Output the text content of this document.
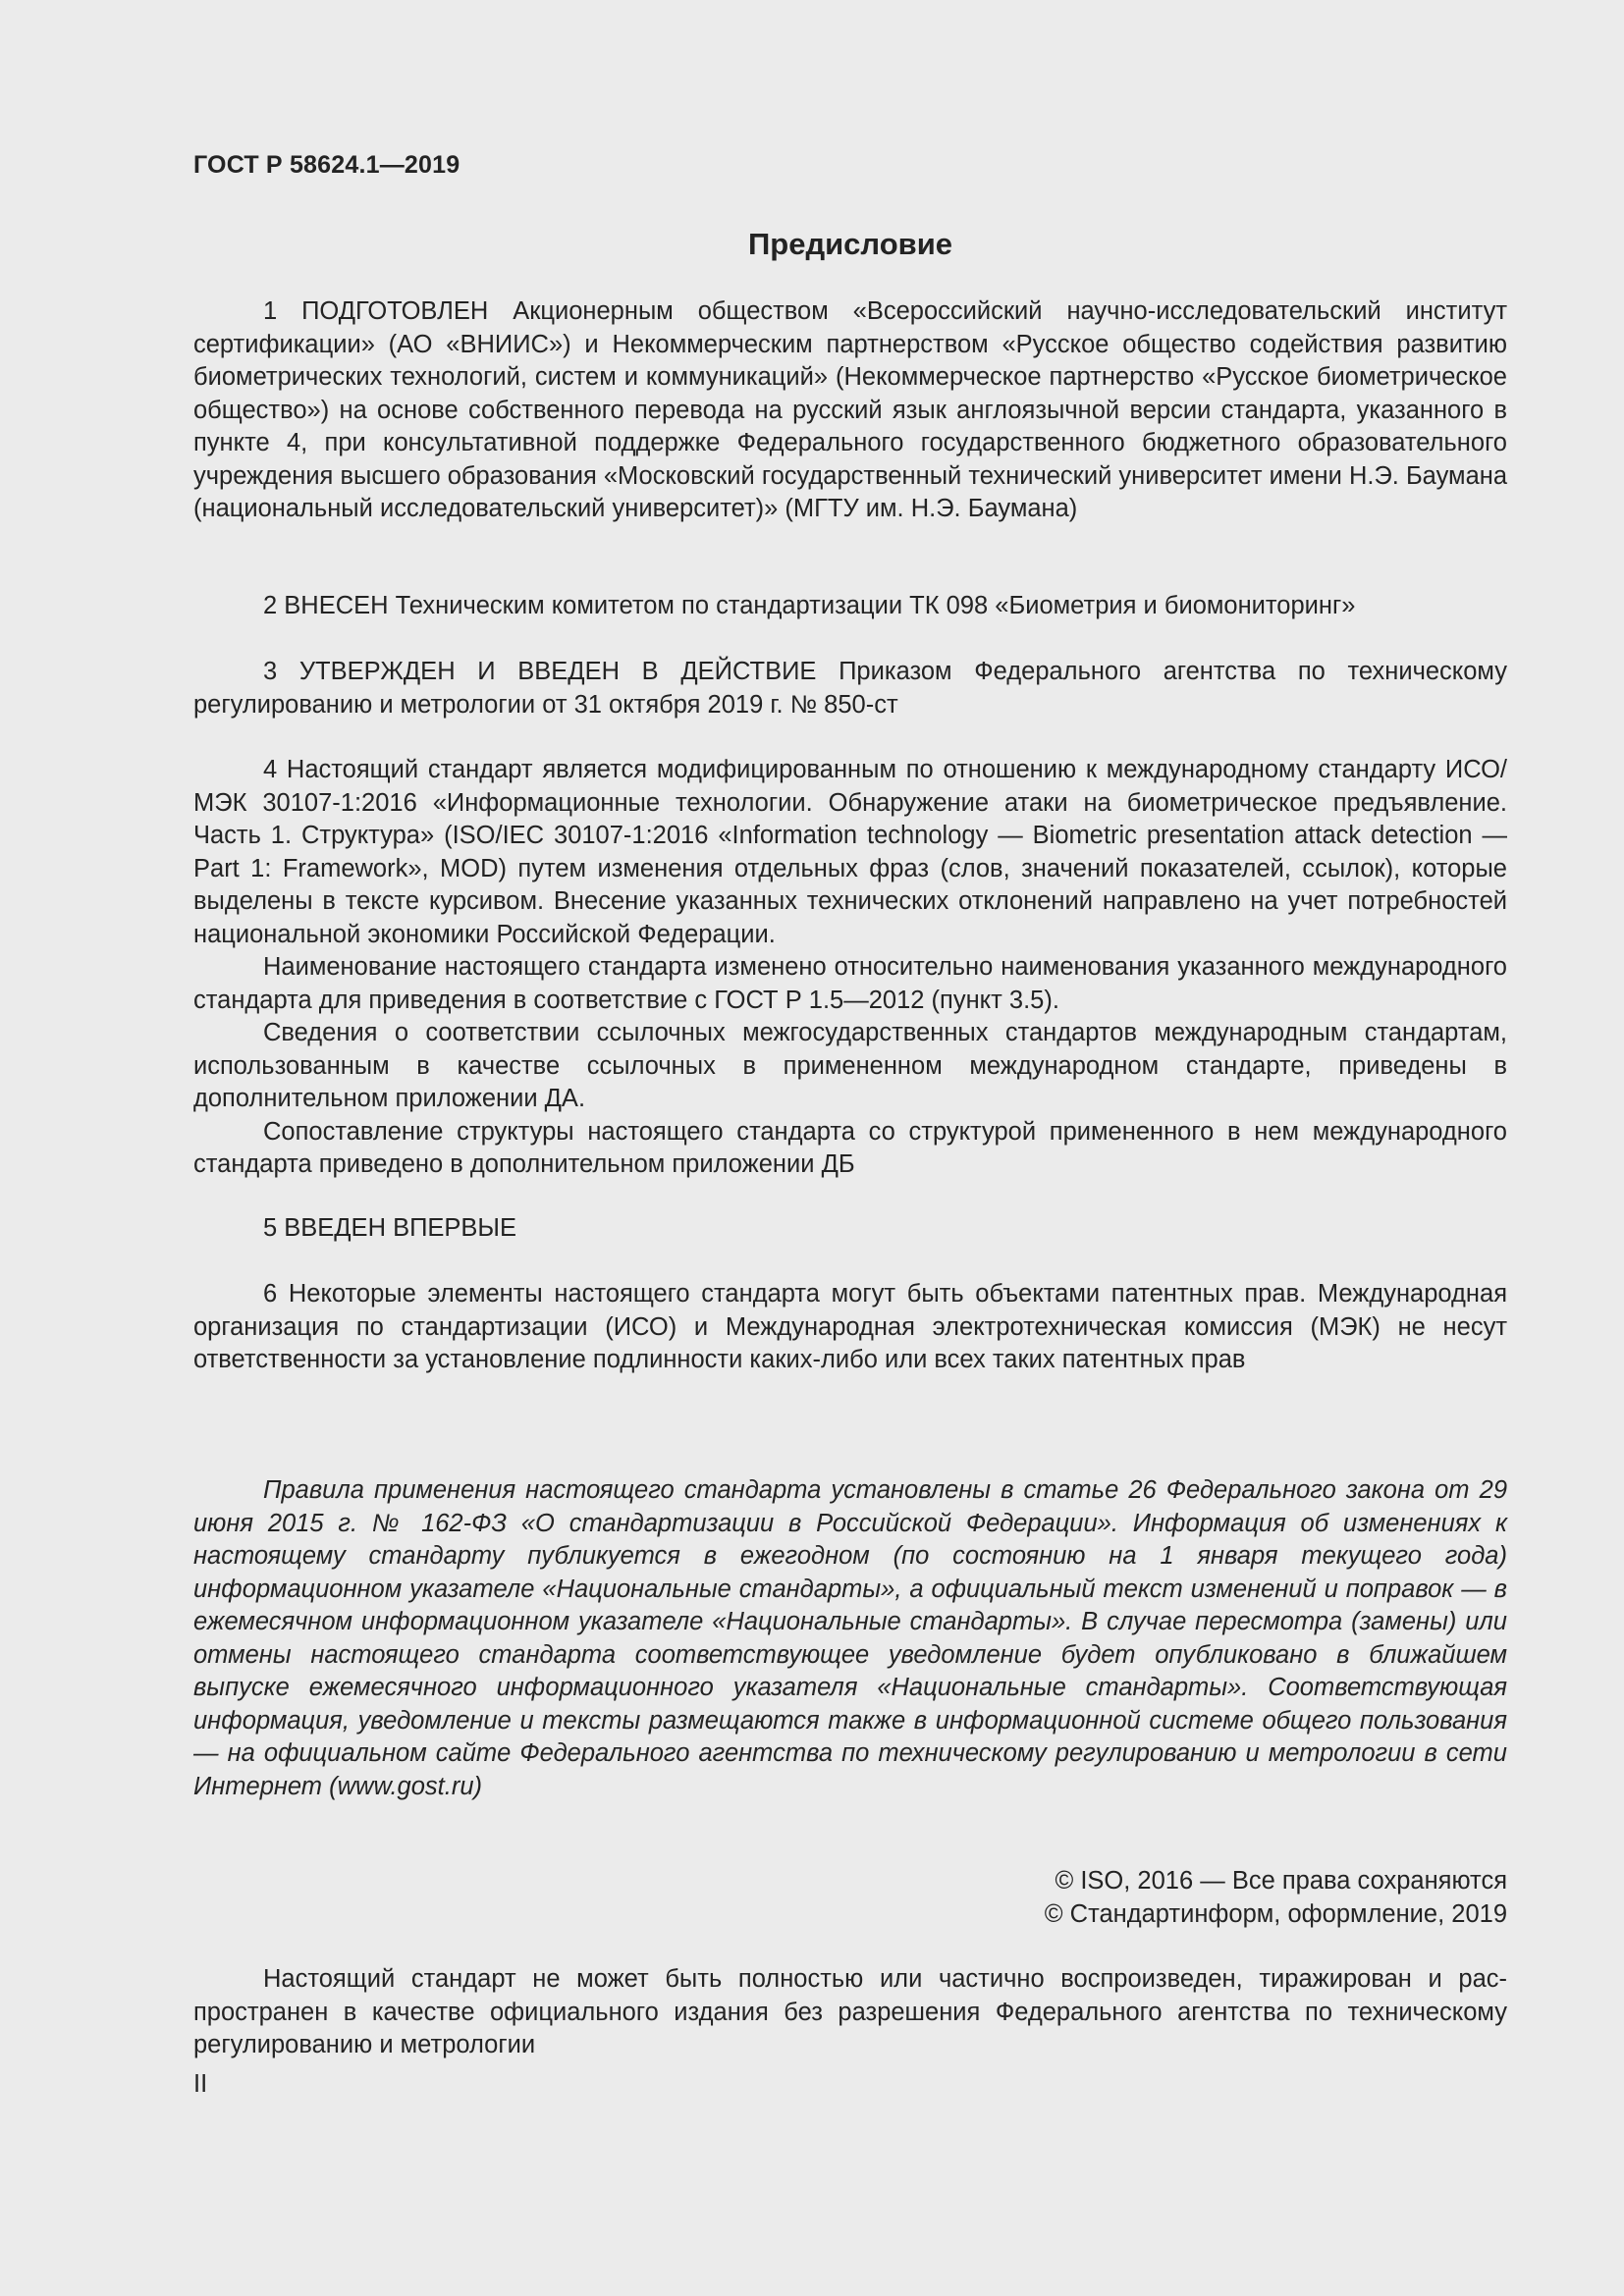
ГОСТ Р 58624.1—2019
Предисловие

1 ПОДГОТОВЛЕН Акционерным обществом «Всероссийский научно-исследовательский институт сертификации» (АО «ВНИИС») и Некоммерческим партнерством «Русское общество содействия развитию биометрических технологий, систем и коммуникаций» (Некоммерческое партнерство «Русское биометрическое общество») на основе собственного перевода на русский язык англоязычной версии стандарта, указанного в пункте 4, при консультативной поддержке Федерального государственного бюджетного образовательного учреждения высшего образования «Московский государственный технический университет имени Н.Э. Баумана (национальный исследовательский университет)» (МГТУ им. Н.Э. Баумана)

2 ВНЕСЕН Техническим комитетом по стандартизации ТК 098 «Биометрия и биомониторинг»

3 УТВЕРЖДЕН И ВВЕДЕН В ДЕЙСТВИЕ Приказом Федерального агентства по техническому регулированию и метрологии от 31 октября 2019 г. № 850-ст

4 Настоящий стандарт является модифицированным по отношению к международному стандарту ИСО/МЭК 30107-1:2016 «Информационные технологии. Обнаружение атаки на биометрическое предъявление. Часть 1. Структура» (ISO/IEC 30107-1:2016 «Information technology — Biometric presentation attack detection — Part 1: Framework», MOD) путем изменения отдельных фраз (слов, значений показателей, ссылок), которые выделены в тексте курсивом. Внесение указанных технических отклонений направлено на учет потребностей национальной экономики Российской Федерации.

Наименование настоящего стандарта изменено относительно наименования указанного международного стандарта для приведения в соответствие с ГОСТ Р 1.5—2012 (пункт 3.5).

Сведения о соответствии ссылочных межгосударственных стандартов международным стандартам, использованным в качестве ссылочных в примененном международном стандарте, приведены в дополнительном приложении ДА.

Сопоставление структуры настоящего стандарта со структурой примененного в нем международного стандарта приведено в дополнительном приложении ДБ

5 ВВЕДЕН ВПЕРВЫЕ

6 Некоторые элементы настоящего стандарта могут быть объектами патентных прав. Международная организация по стандартизации (ИСО) и Международная электротехническая комиссия (МЭК) не несут ответственности за установление подлинности каких-либо или всех таких патентных прав

Правила применения настоящего стандарта установлены в статье 26 Федерального закона от 29 июня 2015 г. № 162-ФЗ «О стандартизации в Российской Федерации». Информация об изменениях к настоящему стандарту публикуется в ежегодном (по состоянию на 1 января текущего года) информационном указателе «Национальные стандарты», а официальный текст изменений и поправок — в ежемесячном информационном указателе «Национальные стандарты». В случае пересмотра (замены) или отмены настоящего стандарта соответствующее уведомление будет опубликовано в ближайшем выпуске ежемесячного информационного указателя «Национальные стандарты». Соответствующая информация, уведомление и тексты размещаются также в информационной системе общего пользования — на официальном сайте Федерального агентства по техническому регулированию и метрологии в сети Интернет (www.gost.ru)

© ISO, 2016 — Все права сохраняются
© Стандартинформ, оформление, 2019

Настоящий стандарт не может быть полностью или частично воспроизведен, тиражирован и распространен в качестве официального издания без разрешения Федерального агентства по техническому регулированию и метрологии

II
